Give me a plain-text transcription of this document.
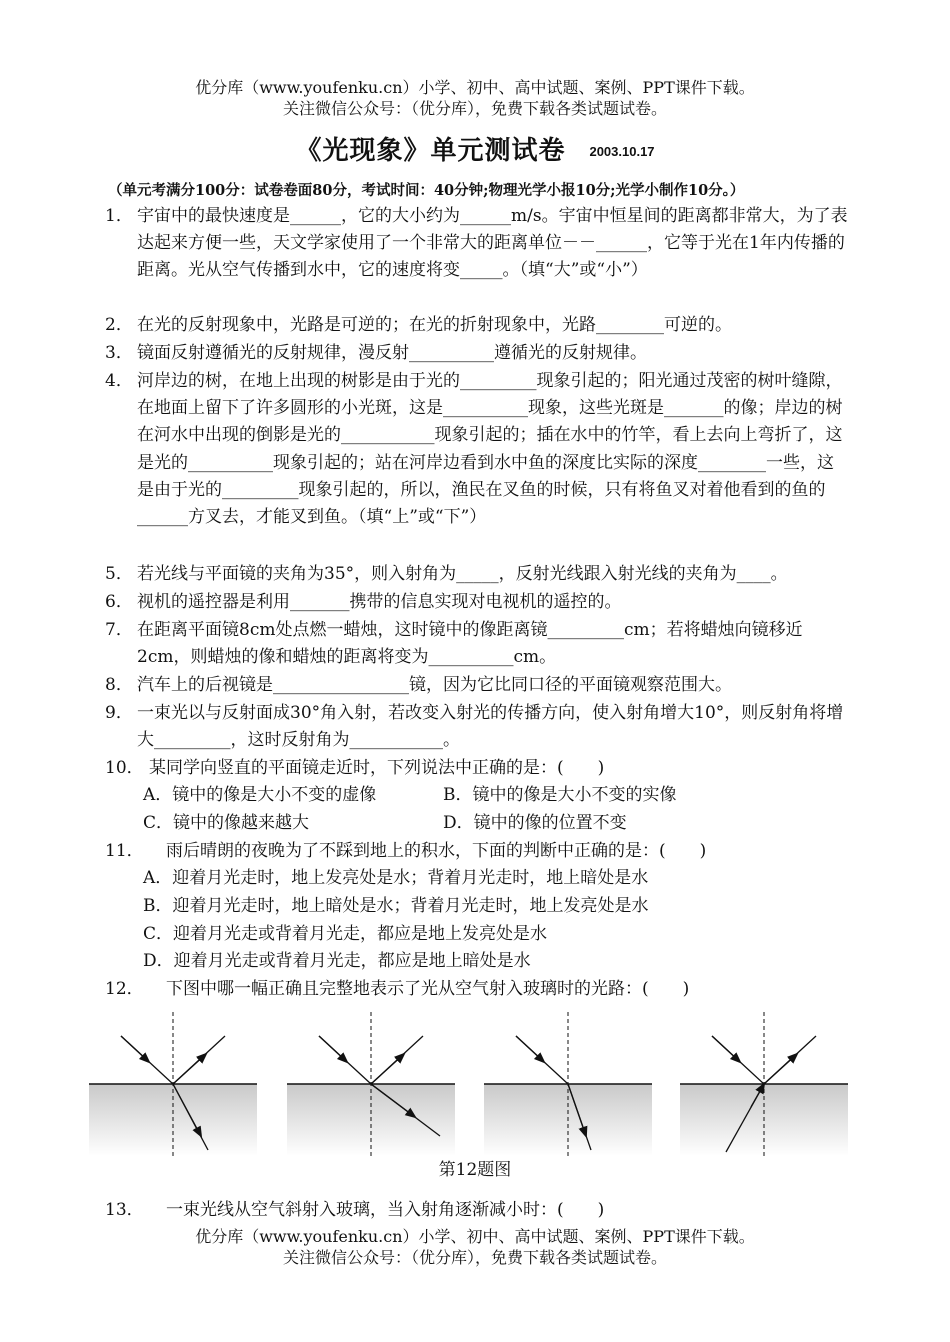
优分库（www.youfenku.cn）小学、初中、高中试题、案例、PPT课件下载。
关注微信公众号：（优分库），免费下载各类试题试卷。
《光现象》单元测试卷 2003.10.17
（单元考满分100分：试卷卷面80分，考试时间：40分钟;物理光学小报10分;光学小制作10分。）
1． 宇宙中的最快速度是______，它的大小约为______m/s。宇宙中恒星间的距离都非常大，为了表达起来方便一些，天文学家使用了一个非常大的距离单位－－______，它等于光在1年内传播的距离。光从空气传播到水中，它的速度将变_____。（填“大”或“小”）
2． 在光的反射现象中，光路是可逆的；在光的折射现象中，光路________可逆的。
3． 镜面反射遵循光的反射规律，漫反射__________遵循光的反射规律。
4． 河岸边的树，在地上出现的树影是由于光的_________现象引起的；阳光通过茂密的树叶缝隙，在地面上留下了许多圆形的小光斑，这是__________现象，这些光斑是_______的像；岸边的树在河水中出现的倒影是光的___________现象引起的；插在水中的竹竿，看上去向上弯折了，这是光的__________现象引起的；站在河岸边看到水中鱼的深度比实际的深度________一些，这是由于光的_________现象引起的，所以，渔民在叉鱼的时候，只有将鱼叉对着他看到的鱼的______方叉去，才能叉到鱼。（填“上”或“下”）
5． 若光线与平面镜的夹角为35°，则入射角为_____，反射光线跟入射光线的夹角为____。
6． 视机的遥控器是利用_______携带的信息实现对电视机的遥控的。
7． 在距离平面镜8cm处点燃一蜡烛，这时镜中的像距离镜_________cm；若将蜡烛向镜移近2cm，则蜡烛的像和蜡烛的距离将变为__________cm。
8． 汽车上的后视镜是________________镜，因为它比同口径的平面镜观察范围大。
9． 一束光以与反射面成30°角入射，若改变入射光的传播方向，使入射角增大10°，则反射角将增大_________，这时反射角为___________。
10． 某同学向竖直的平面镜走近时，下列说法中正确的是：(　　)
A．镜中的像是大小不变的虚像	B．镜中的像是大小不变的实像
C．镜中的像越来越大	D．镜中的像的位置不变
11． 　雨后晴朗的夜晚为了不踩到地上的积水，下面的判断中正确的是：(　　)
A．迎着月光走时，地上发亮处是水；背着月光走时，地上暗处是水
B．迎着月光走时，地上暗处是水；背着月光走时，地上发亮处是水
C．迎着月光走或背着月光走，都应是地上发亮处是水
D．迎着月光走或背着月光走，都应是地上暗处是水
12． 　下图中哪一幅正确且完整地表示了光从空气射入玻璃时的光路：(　　)
第12题图
13． 　一束光线从空气斜射入玻璃，当入射角逐渐减小时：(　　)
优分库（www.youfenku.cn）小学、初中、高中试题、案例、PPT课件下载。
关注微信公众号：（优分库），免费下载各类试题试卷。
